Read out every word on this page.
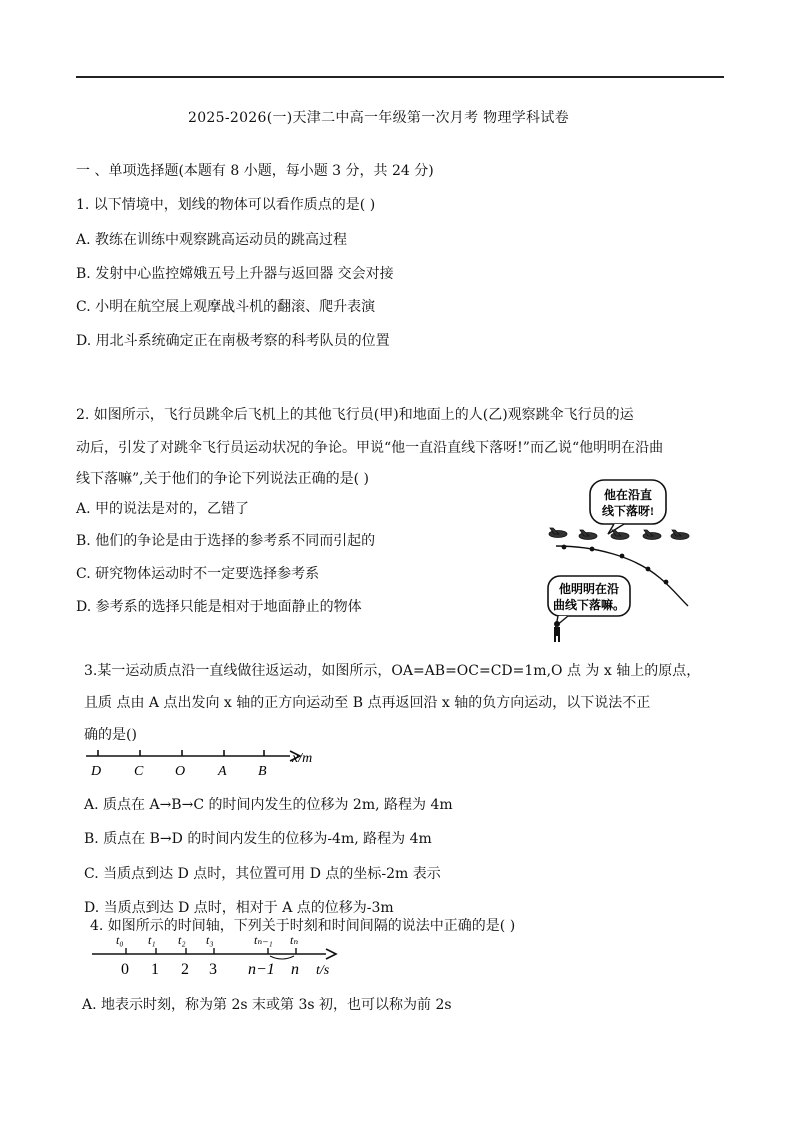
2025-2026(一)天津二中高一年级第一次月考 物理学科试卷
一 、单项选择题(本题有 8 小题，每小题 3 分，共 24 分)
1. 以下情境中，划线的物体可以看作质点的是( )
A. 教练在训练中观察跳高运动员的跳高过程
B. 发射中心监控嫦娥五号上升器与返回器 交会对接
C. 小明在航空展上观摩战斗机的翻滚、爬升表演
D. 用北斗系统确定正在南极考察的科考队员的位置
2. 如图所示，飞行员跳伞后飞机上的其他飞行员(甲)和地面上的人(乙)观察跳伞飞行员的运
动后，引发了对跳伞飞行员运动状况的争论。甲说“他一直沿直线下落呀!”而乙说“他明明在沿曲
线下落嘛”,关于他们的争论下列说法正确的是( )
A. 甲的说法是对的，乙错了
B. 他们的争论是由于选择的参考系不同而引起的
C. 研究物体运动时不一定要选择参考系
D. 参考系的选择只能是相对于地面静止的物体
他在沿直
线下落呀!
他明明在沿
曲线下落嘛。
3.某一运动质点沿一直线做往返运动，如图所示，OA=AB=OC=CD=1m,O 点 为 x 轴上的原点，
且质 点由 A 点出发向 x 轴的正方向运动至 B 点再返回沿 x 轴的负方向运动，以下说法不正
确的是()
D C O A B
x/m
A. 质点在 A→B→C 的时间内发生的位移为 2m, 路程为 4m
B. 质点在 B→D 的时间内发生的位移为-4m, 路程为 4m
C. 当质点到达 D 点时，其位置可用 D 点的坐标-2m 表示
D. 当质点到达 D 点时，相对于 A 点的位移为-3m
4. 如图所示的时间轴，下列关于时刻和时间间隔的说法中正确的是( )
t₀ t₁ t₂ t₃	tₙ₋₁ tₙ
0 1 2 3 n−1 n t/s
A. 地表示时刻，称为第 2s 末或第 3s 初，也可以称为前 2s
